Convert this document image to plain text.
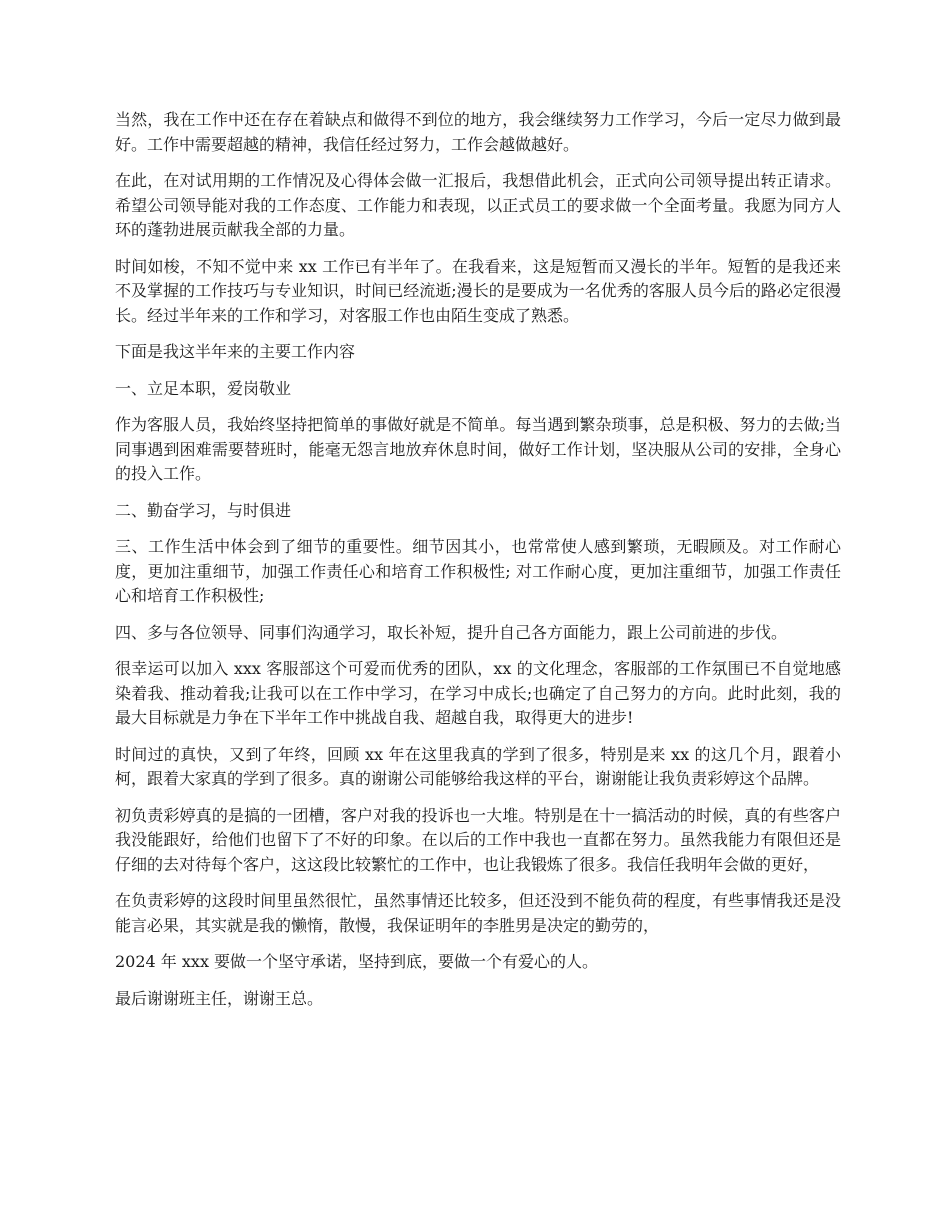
当然，我在工作中还在存在着缺点和做得不到位的地方，我会继续努力工作学习，今后一定尽力做到最好。工作中需要超越的精神，我信任经过努力，工作会越做越好。

在此，在对试用期的工作情况及心得体会做一汇报后，我想借此机会，正式向公司领导提出转正请求。希望公司领导能对我的工作态度、工作能力和表现，以正式员工的要求做一个全面考量。我愿为同方人环的蓬勃进展贡献我全部的力量。

时间如梭，不知不觉中来 xx 工作已有半年了。在我看来，这是短暂而又漫长的半年。短暂的是我还来不及掌握的工作技巧与专业知识，时间已经流逝;漫长的是要成为一名优秀的客服人员今后的路必定很漫长。经过半年来的工作和学习，对客服工作也由陌生变成了熟悉。

下面是我这半年来的主要工作内容

一、立足本职，爱岗敬业

作为客服人员，我始终坚持把简单的事做好就是不简单。每当遇到繁杂琐事，总是积极、努力的去做;当同事遇到困难需要替班时，能毫无怨言地放弃休息时间，做好工作计划，坚决服从公司的安排，全身心的投入工作。

二、勤奋学习，与时俱进

三、工作生活中体会到了细节的重要性。细节因其小，也常常使人感到繁琐，无暇顾及。对工作耐心度，更加注重细节，加强工作责任心和培育工作积极性; 对工作耐心度，更加注重细节，加强工作责任心和培育工作积极性;

四、多与各位领导、同事们沟通学习，取长补短，提升自己各方面能力，跟上公司前进的步伐。

很幸运可以加入 xxx 客服部这个可爱而优秀的团队，xx 的文化理念，客服部的工作氛围已不自觉地感染着我、推动着我;让我可以在工作中学习，在学习中成长;也确定了自己努力的方向。此时此刻，我的最大目标就是力争在下半年工作中挑战自我、超越自我，取得更大的进步!

时间过的真快，又到了年终，回顾 xx 年在这里我真的学到了很多，特别是来 xx 的这几个月，跟着小柯，跟着大家真的学到了很多。真的谢谢公司能够给我这样的平台，谢谢能让我负责彩婷这个品牌。

初负责彩婷真的是搞的一团槽，客户对我的投诉也一大堆。特别是在十一搞活动的时候，真的有些客户我没能跟好，给他们也留下了不好的印象。在以后的工作中我也一直都在努力。虽然我能力有限但还是仔细的去对待每个客户，这这段比较繁忙的工作中，也让我锻炼了很多。我信任我明年会做的更好，

在负责彩婷的这段时间里虽然很忙，虽然事情还比较多，但还没到不能负荷的程度，有些事情我还是没能言必果，其实就是我的懒惰，散慢，我保证明年的李胜男是决定的勤劳的，

2024 年 xxx 要做一个坚守承诺，坚持到底，要做一个有爱心的人。

最后谢谢班主任，谢谢王总。
